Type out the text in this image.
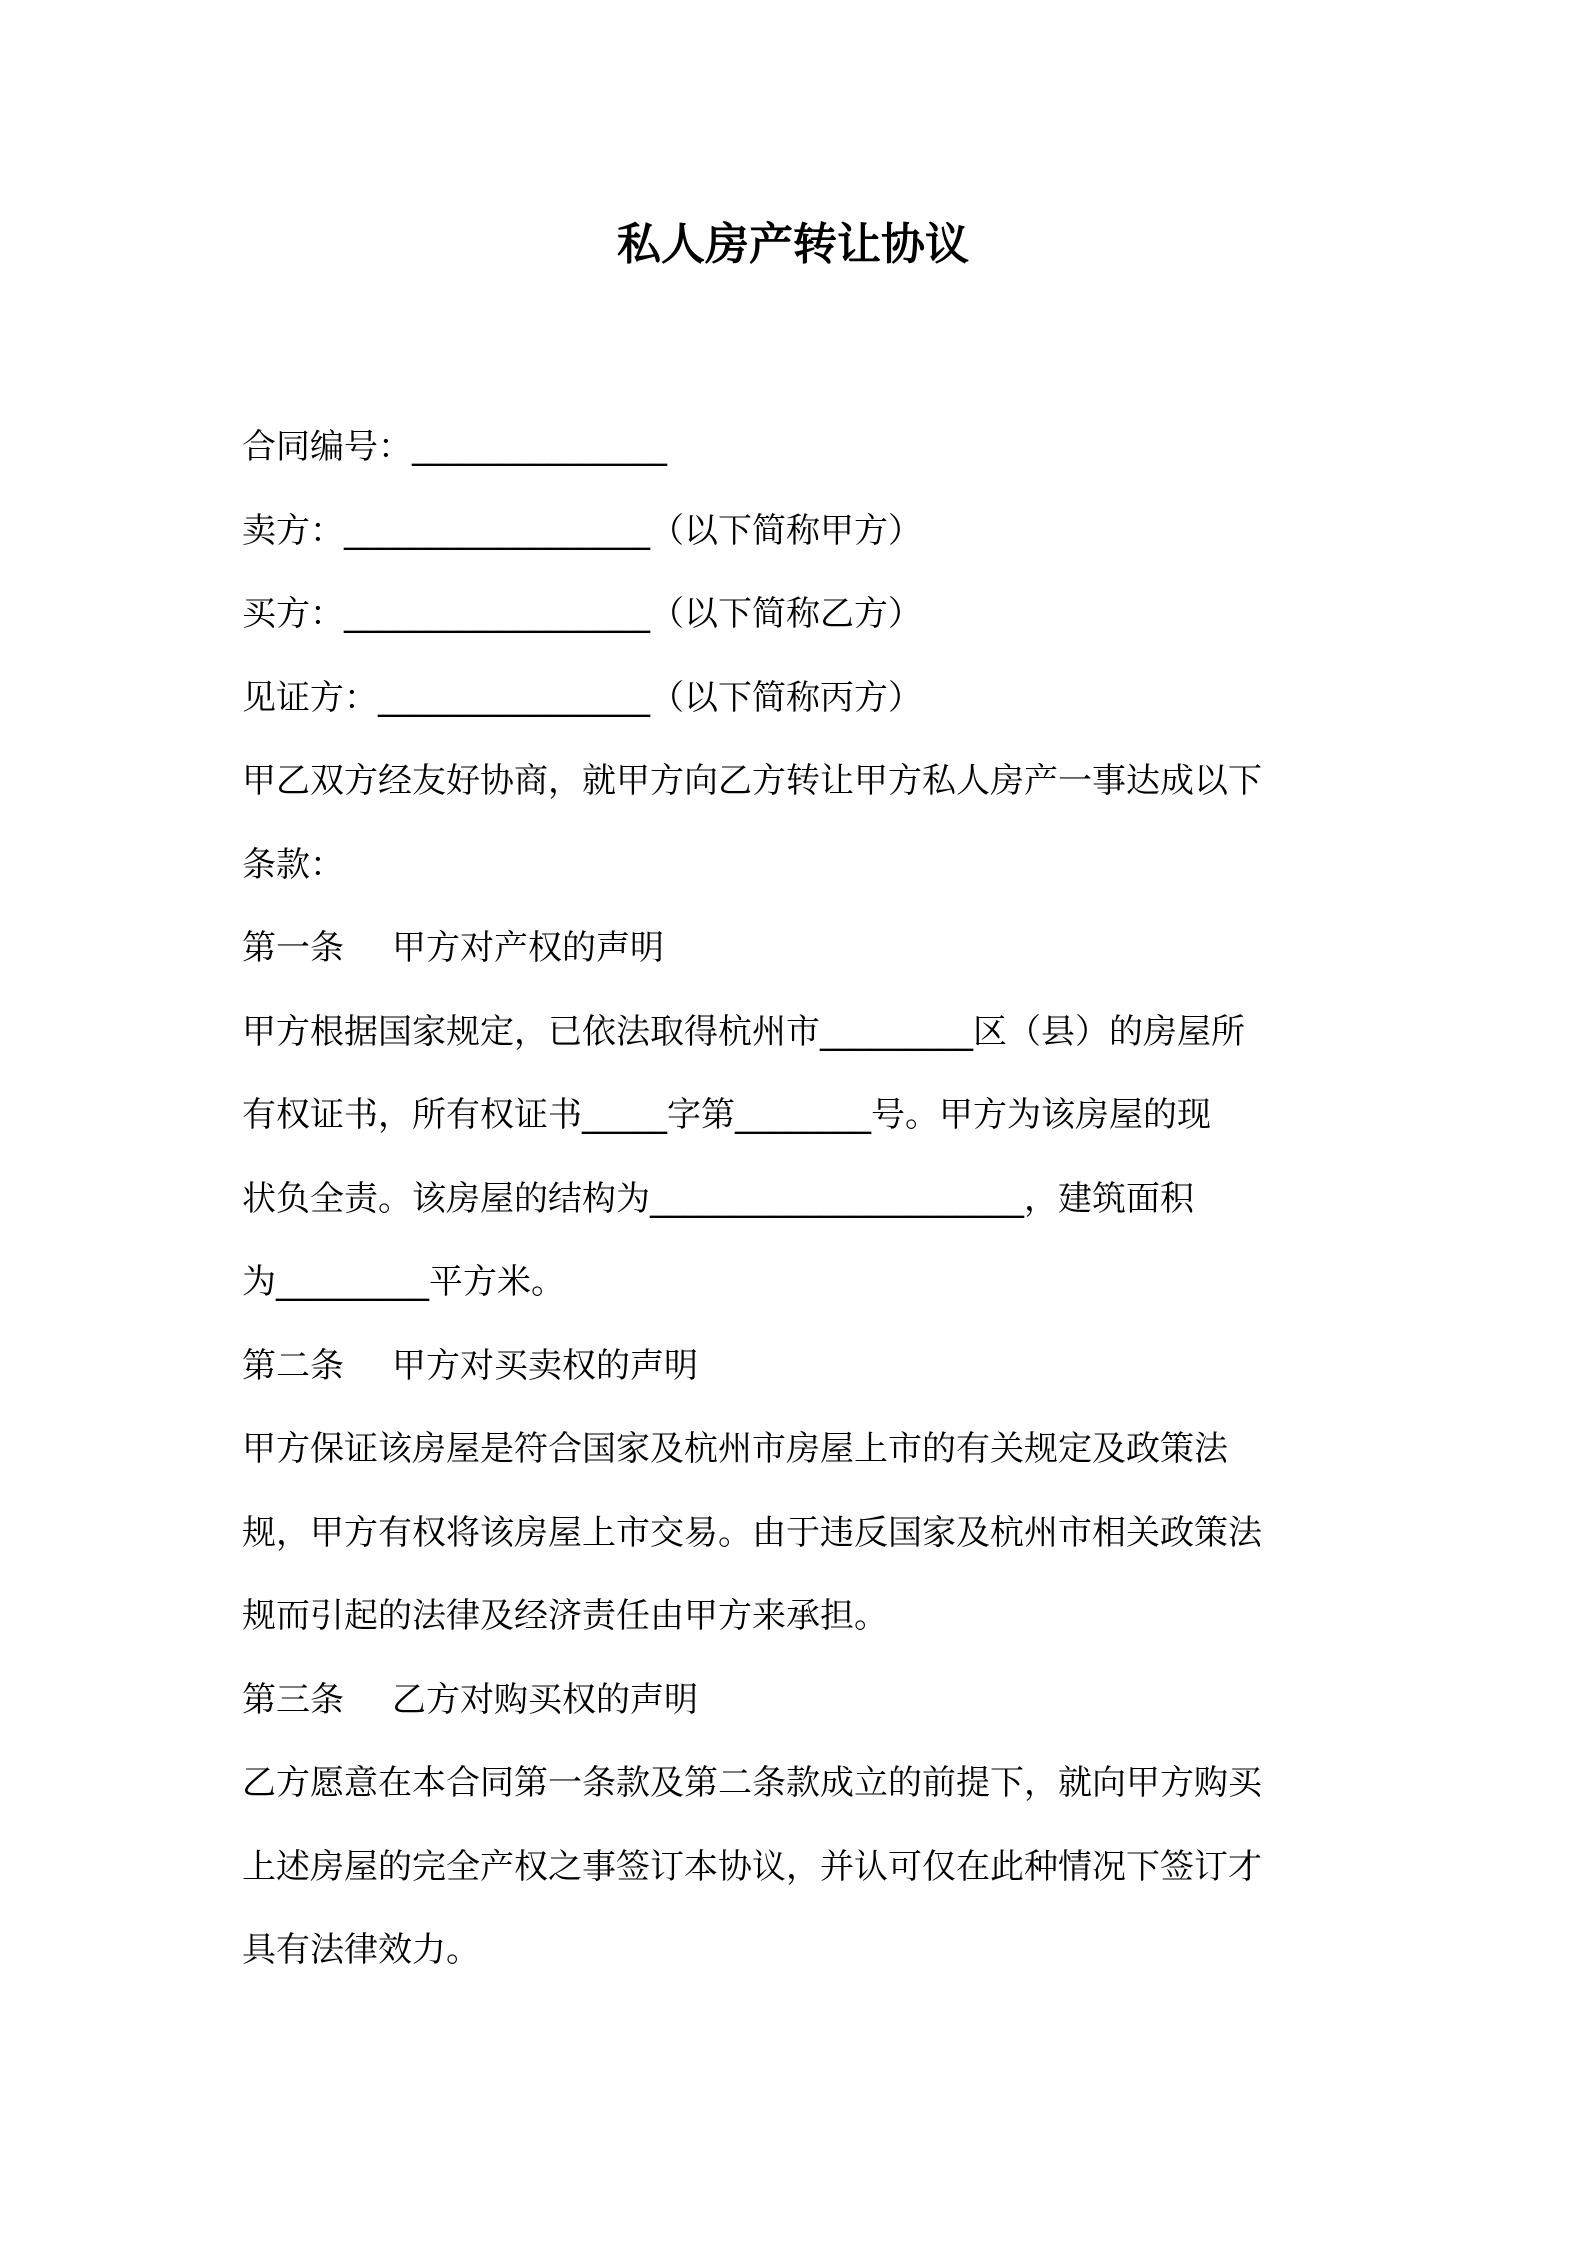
私人房产转让协议
合同编号：_______________
卖方：__________________（以下简称甲方）
买方：__________________（以下简称乙方）
见证方：________________（以下简称丙方）
甲乙双方经友好协商，就甲方向乙方转让甲方私人房产一事达成以下
条款：
第一条 甲方对产权的声明
甲方根据国家规定，已依法取得杭州市_________区（县）的房屋所
有权证书，所有权证书_____字第________号。甲方为该房屋的现
状负全责。该房屋的结构为______________________，建筑面积
为_________平方米。
第二条 甲方对买卖权的声明
甲方保证该房屋是符合国家及杭州市房屋上市的有关规定及政策法
规，甲方有权将该房屋上市交易。由于违反国家及杭州市相关政策法
规而引起的法律及经济责任由甲方来承担。
第三条 乙方对购买权的声明
乙方愿意在本合同第一条款及第二条款成立的前提下，就向甲方购买
上述房屋的完全产权之事签订本协议，并认可仅在此种情况下签订才
具有法律效力。
